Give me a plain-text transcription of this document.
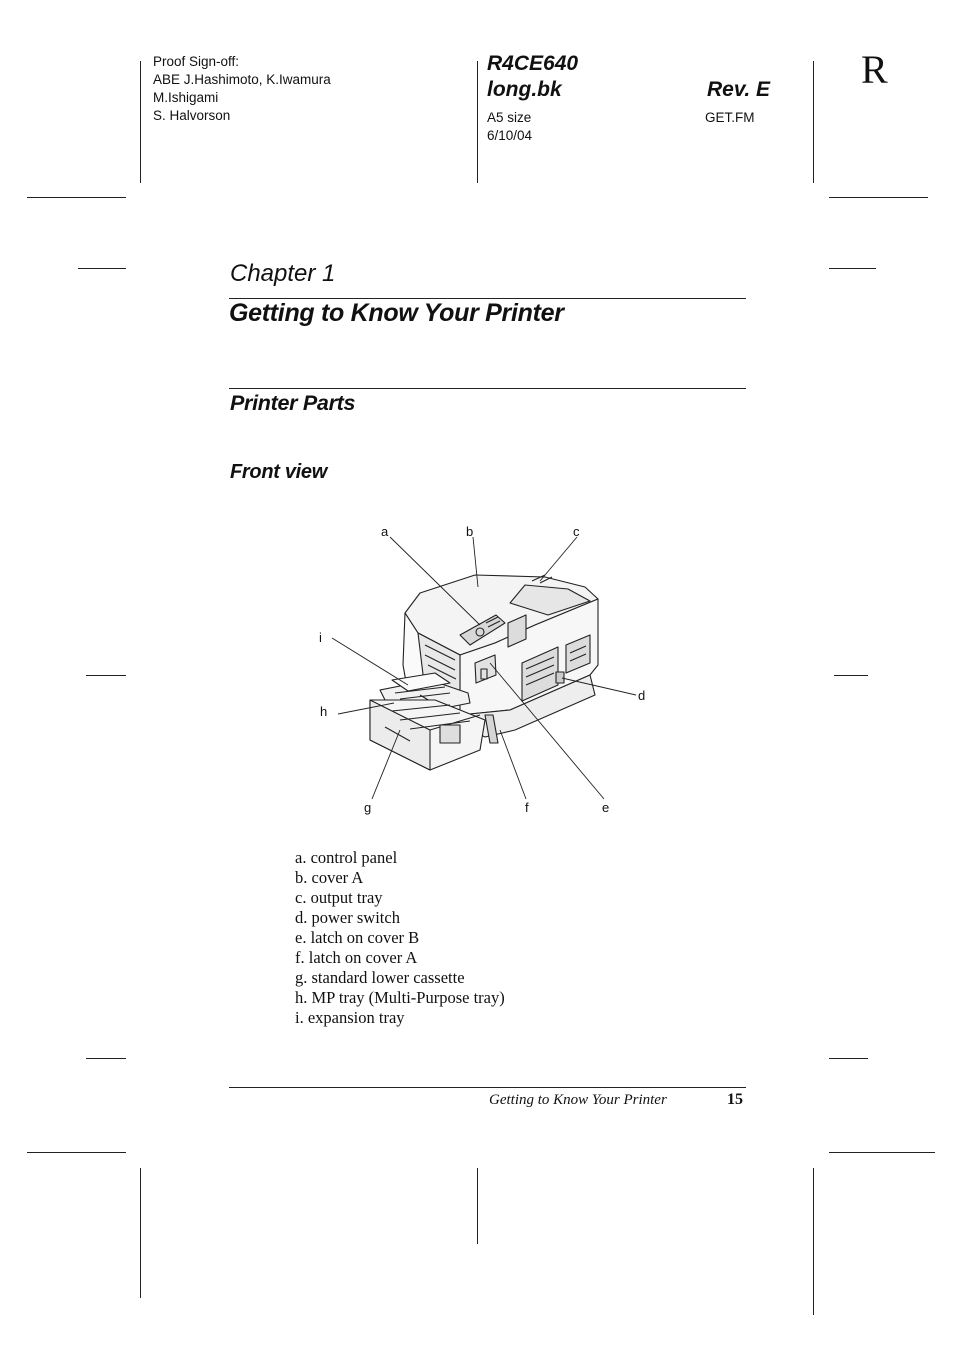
Proof Sign-off:
ABE J.Hashimoto, K.Iwamura
M.Ishigami
S. Halvorson
R4CE640
long.bk	Rev. E
A5 size
6/10/04
GET.FM
R
Chapter 1
Getting to Know Your Printer
Printer Parts
Front view
a	b	c
d
e
f
g
h
i
a. control panel
b. cover A
c. output tray
d. power switch
e. latch on cover B
f. latch on cover A
g. standard lower cassette
h. MP tray (Multi-Purpose tray)
i. expansion tray
Getting to Know Your Printer	15
